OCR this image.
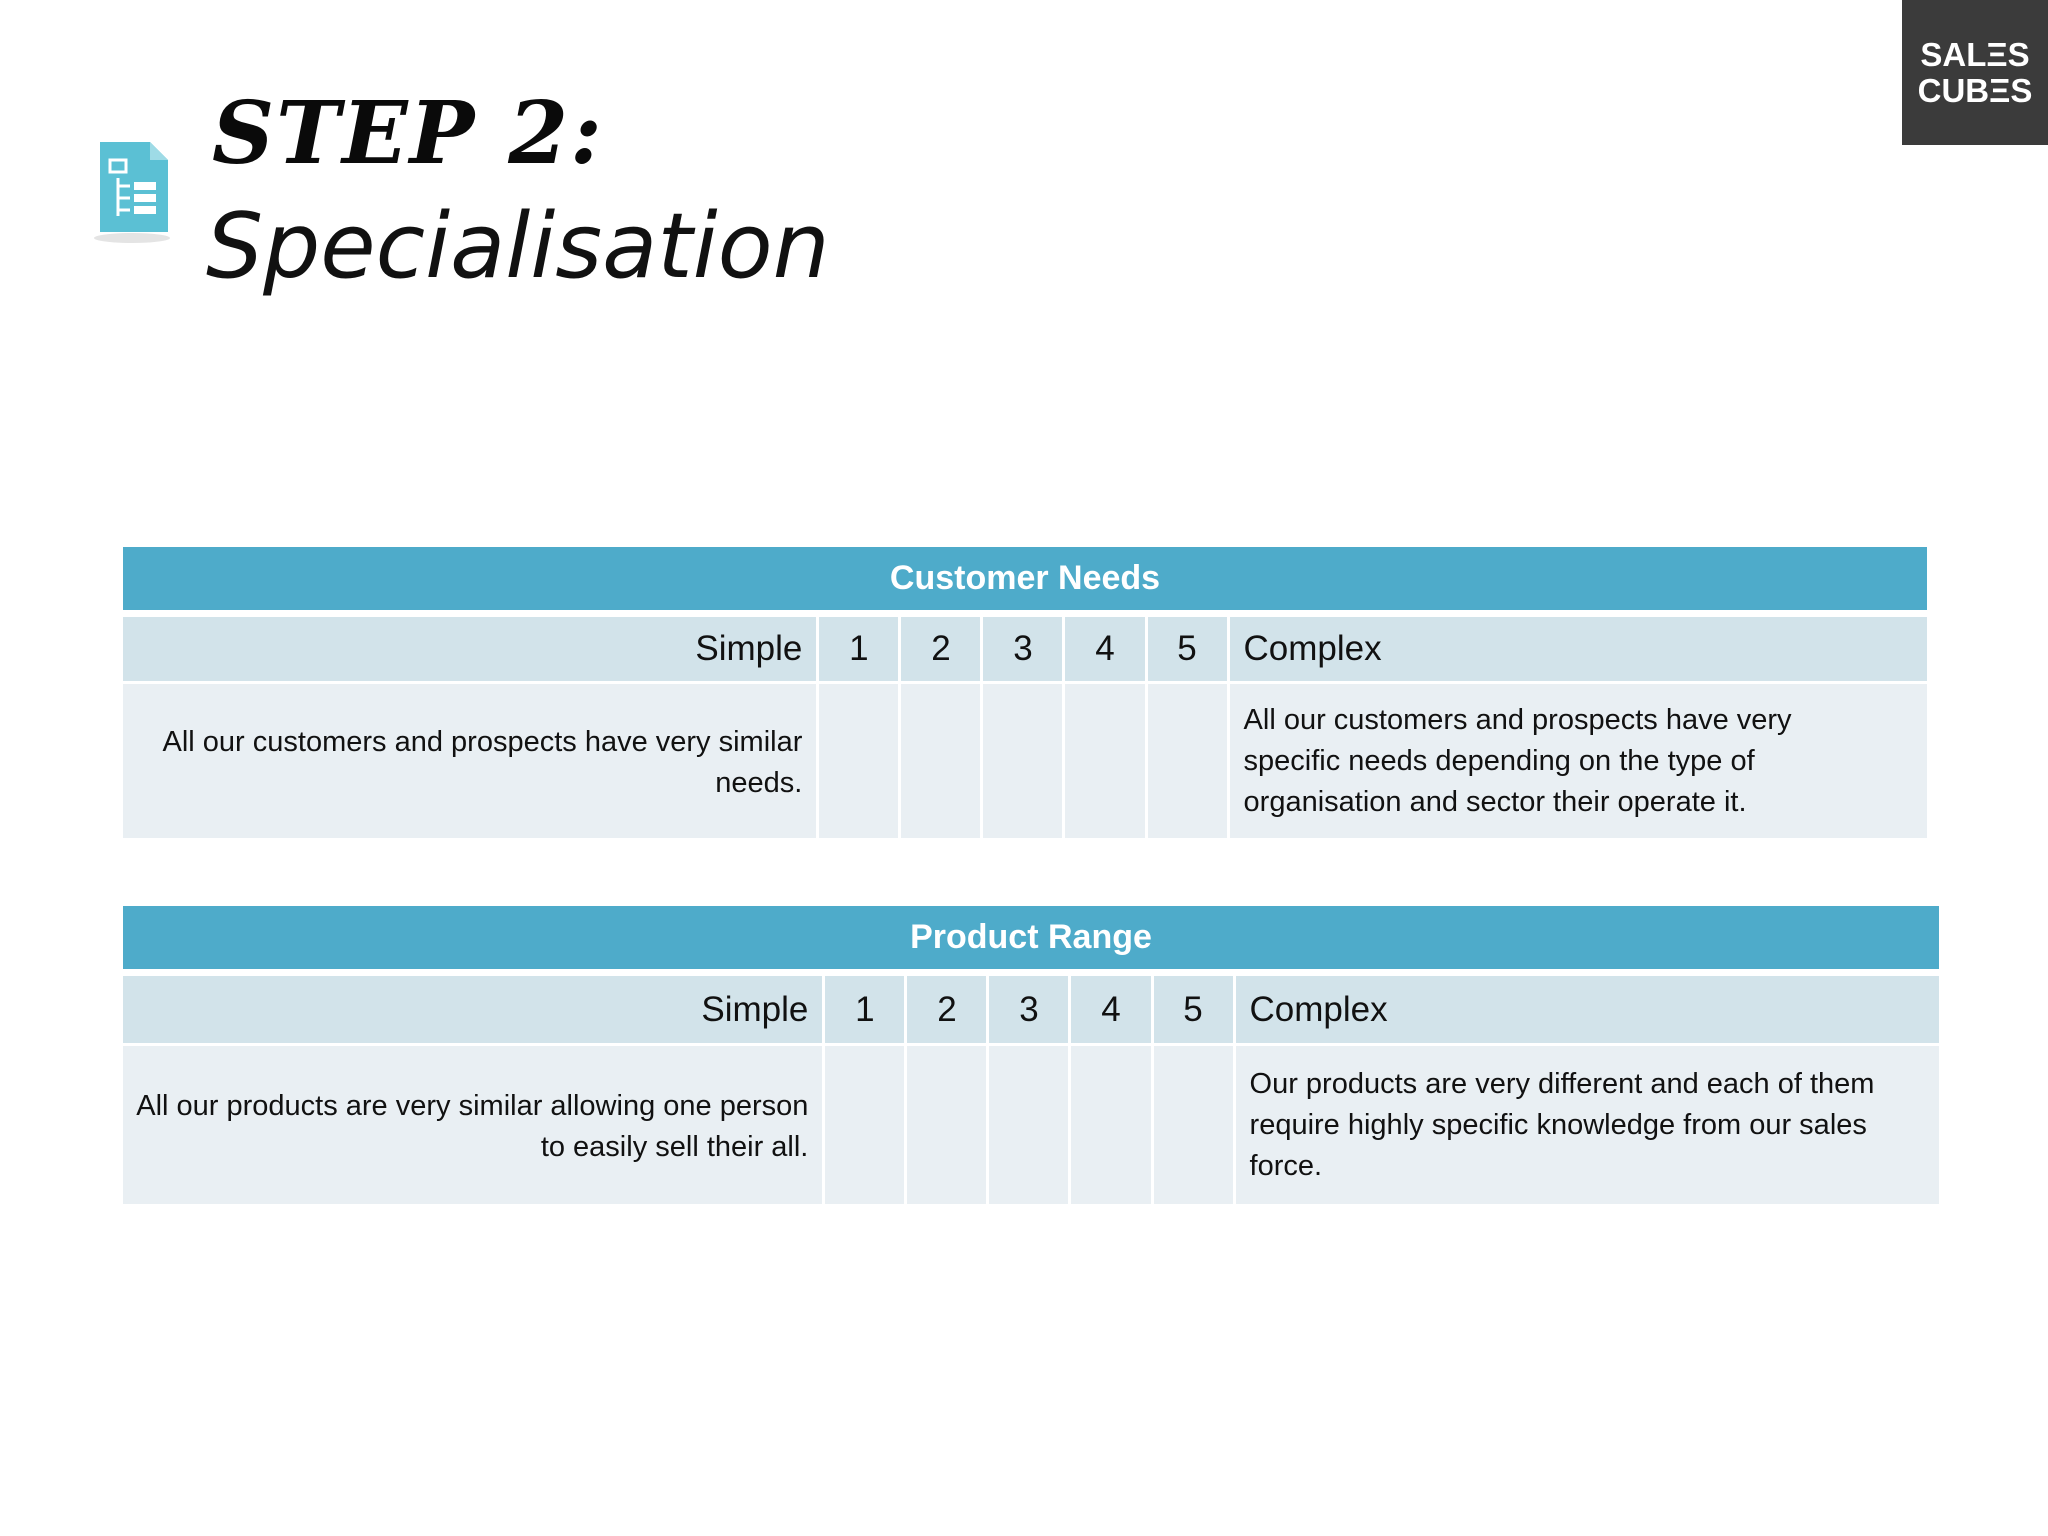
SALΞS
CUBΞS
STEP 2:
Specialisation
Customer Needs						
Simple	1	2	3	4	5	Complex
All our customers and prospects have very similar needs.						All our customers and prospects have very specific needs depending on the type of organisation and sector their operate it.
Product Range						
Simple	1	2	3	4	5	Complex
All our products are very similar allowing one person to easily sell their all.						Our products are very different and each of them require highly specific knowledge from our sales force.
